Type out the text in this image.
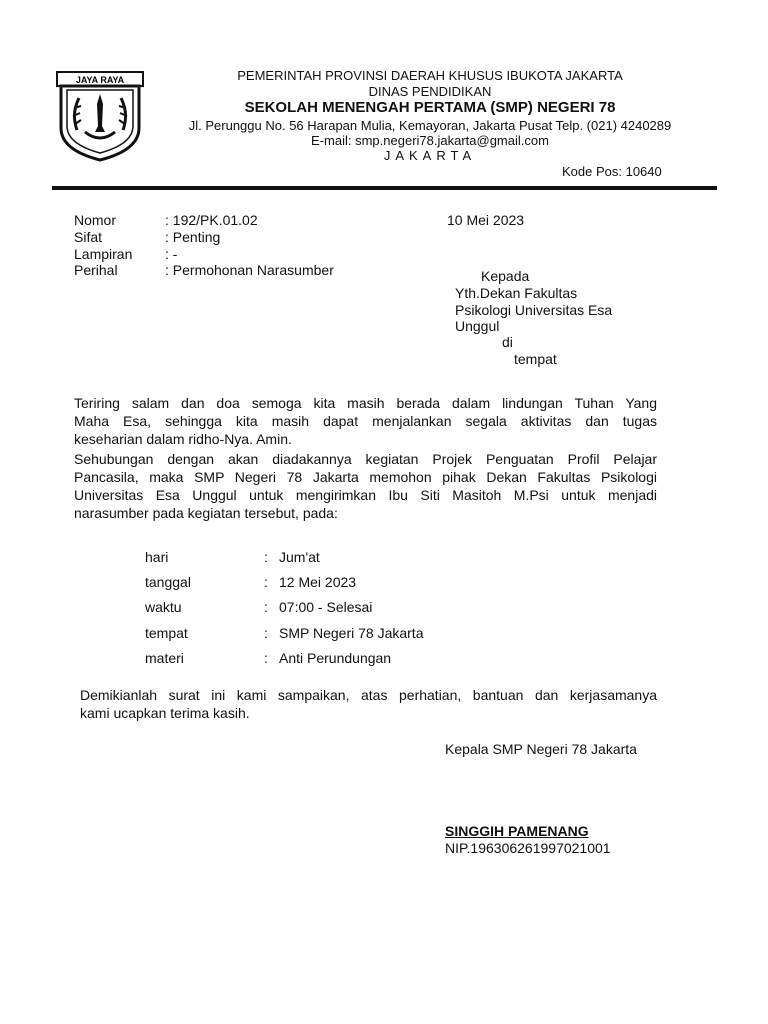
JAYA RAYA	PEMERINTAH PROVINSI DAERAH KHUSUS IBUKOTA JAKARTA
DINAS PENDIDIKAN
SEKOLAH MENENGAH PERTAMA (SMP) NEGERI 78
Jl. Perunggu No. 56 Harapan Mulia, Kemayoran, Jakarta Pusat Telp. (021) 4240289
E-mail: smp.negeri78.jakarta@gmail.com
JAKARTA
Kode Pos: 10640
Nomor	: 192/PK.01.02
Sifat	: Penting
Lampiran : -
Perihal	: Permohonan Narasumber
10 Mei 2023
Kepada
Yth.Dekan Fakultas
Psikologi Universitas Esa
Unggul
di
tempat
Teriring salam dan doa semoga kita masih berada dalam lindungan Tuhan Yang
Maha Esa, sehingga kita masih dapat menjalankan segala aktivitas dan tugas
keseharian dalam ridho-Nya. Amin.
Sehubungan dengan akan diadakannya kegiatan Projek Penguatan Profil Pelajar
Pancasila, maka SMP Negeri 78 Jakarta memohon pihak Dekan Fakultas Psikologi
Universitas Esa Unggul untuk mengirimkan Ibu Siti Masitoh M.Psi untuk menjadi
narasumber pada kegiatan tersebut, pada:
hari	: Jum'at
tanggal	: 12 Mei 2023
waktu	: 07:00 - Selesai
tempat	: SMP Negeri 78 Jakarta
materi	: Anti Perundungan
Demikianlah surat ini kami sampaikan, atas perhatian, bantuan dan kerjasamanya
kami ucapkan terima kasih.
Kepala SMP Negeri 78 Jakarta
SINGGIH PAMENANG
NIP.196306261997021001
